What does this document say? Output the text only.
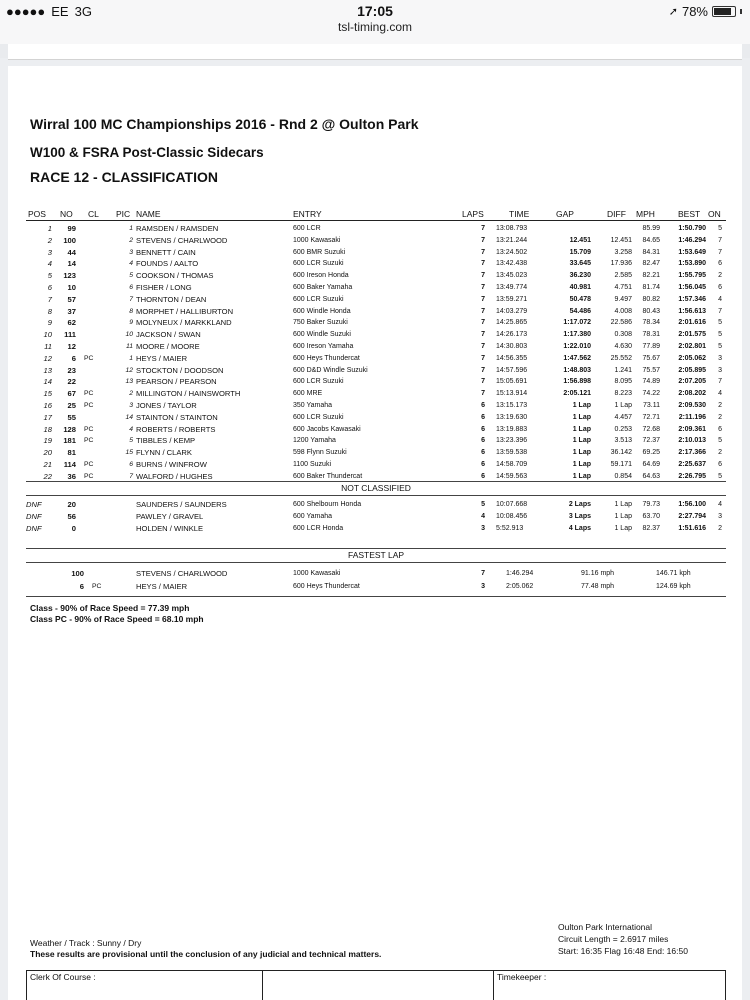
●●●●● EE 3G	17:05
tsl-timing.com
➚ 78%
Wirral 100 MC Championships 2016 - Rnd 2 @ Oulton Park
W100 & FSRA Post-Classic Sidecars
RACE 12 - CLASSIFICATION
POS NO CL PIC NAME	ENTRY	LAPS	TIME	GAP	DIFF MPH	BEST ON
1	99	1 RAMSDEN / RAMSDEN	600 LCR	7 13:08.793	85.99	1:50.790	5
2	100	2 STEVENS / CHARLWOOD	1000 Kawasaki	7 13:21.244	12.451	12.451	84.65	1:46.294	7
3	44	3 BENNETT / CAIN	600 BMR Suzuki	7 13:24.502	15.709	3.258	84.31	1:53.649	7
4	14	4 FOUNDS / AALTO	600 LCR Suzuki	7 13:42.438	33.645	17.936	82.47	1:53.890	6
5	123	5 COOKSON / THOMAS	600 Ireson Honda	7 13:45.023	36.230	2.585	82.21	1:55.795	2
6	10	6 FISHER / LONG	600 Baker Yamaha	7 13:49.774	40.981	4.751	81.74	1:56.045	6
7	57	7 THORNTON / DEAN	600 LCR Suzuki	7 13:59.271	50.478	9.497	80.82	1:57.346	4
8	37	8 MORPHET / HALLIBURTON	600 Windle Honda	7 14:03.279	54.486	4.008	80.43	1:56.613	7
9	62	9 MOLYNEUX / MARKKLAND	750 Baker Suzuki	7 14:25.865	1:17.072	22.586	78.34	2:01.616	5
10	111	10 JACKSON / SWAN	600 Windle Suzuki	7 14:26.173	1:17.380	0.308	78.31	2:01.575	5
11	12	11 MOORE / MOORE	600 Ireson Yamaha	7 14:30.803	1:22.010	4.630	77.89	2:02.801	5
12	6 PC	1 HEYS / MAIER	600 Heys Thundercat	7 14:56.355	1:47.562	25.552	75.67	2:05.062	3
13	23	12 STOCKTON / DOODSON	600 D&D Windle Suzuki	7 14:57.596	1:48.803	1.241	75.57	2:05.895	3
14	22	13 PEARSON / PEARSON	600 LCR Suzuki	7 15:05.691	1:56.898	8.095	74.89	2:07.205	7
15	67 PC	2 MILLINGTON / HAINSWORTH	600 MRE	7 15:13.914	2:05.121	8.223	74.22	2:08.202	4
16	25 PC	3 JONES / TAYLOR	350 Yamaha	6 13:15.173	1 Lap	1 Lap	73.11	2:09.530	2
17	55	14 STAINTON / STAINTON	600 LCR Suzuki	6 13:19.630	1 Lap	4.457	72.71	2:11.196	2
18	128 PC	4 ROBERTS / ROBERTS	600 Jacobs Kawasaki	6 13:19.883	1 Lap	0.253	72.68	2:09.361	6
19	181 PC	5 TIBBLES / KEMP	1200 Yamaha	6 13:23.396	1 Lap	3.513	72.37	2:10.013	5
20	81	15 FLYNN / CLARK	598 Flynn Suzuki	6 13:59.538	1 Lap	36.142	69.25	2:17.366	2
21	114 PC	6 BURNS / WINFROW	1100 Suzuki	6 14:58.709	1 Lap	59.171	64.69	2:25.637	6
22	36 PC	7 WALFORD / HUGHES	600 Baker Thundercat	6 14:59.563	1 Lap	0.854	64.63	2:26.795	5
NOT CLASSIFIED
DNF	20	SAUNDERS / SAUNDERS	600 Shelbourn Honda	5 10:07.668	2 Laps	1 Lap	79.73	1:56.100	4
DNF	56	PAWLEY / GRAVEL	600 Yamaha	4 10:08.456	3 Laps	1 Lap	63.70	2:27.794	3
DNF	0	HOLDEN / WINKLE	600 LCR Honda	3 5:52.913	4 Laps	1 Lap	82.37	1:51.616	2
FASTEST LAP
100	STEVENS / CHARLWOOD	1000 Kawasaki	7	1:46.294	91.16 mph	146.71 kph
6 PC	HEYS / MAIER	600 Heys Thundercat	3	2:05.062	77.48 mph	124.69 kph
Class - 90% of Race Speed = 77.39 mph
Class PC - 90% of Race Speed = 68.10 mph
Oulton Park International
Circuit Length = 2.6917 miles
Start: 16:35 Flag 16:48 End: 16:50
Weather / Track : Sunny / Dry
These results are provisional until the conclusion of any judicial and technical matters.
Clerk Of Course :	Timekeeper :
